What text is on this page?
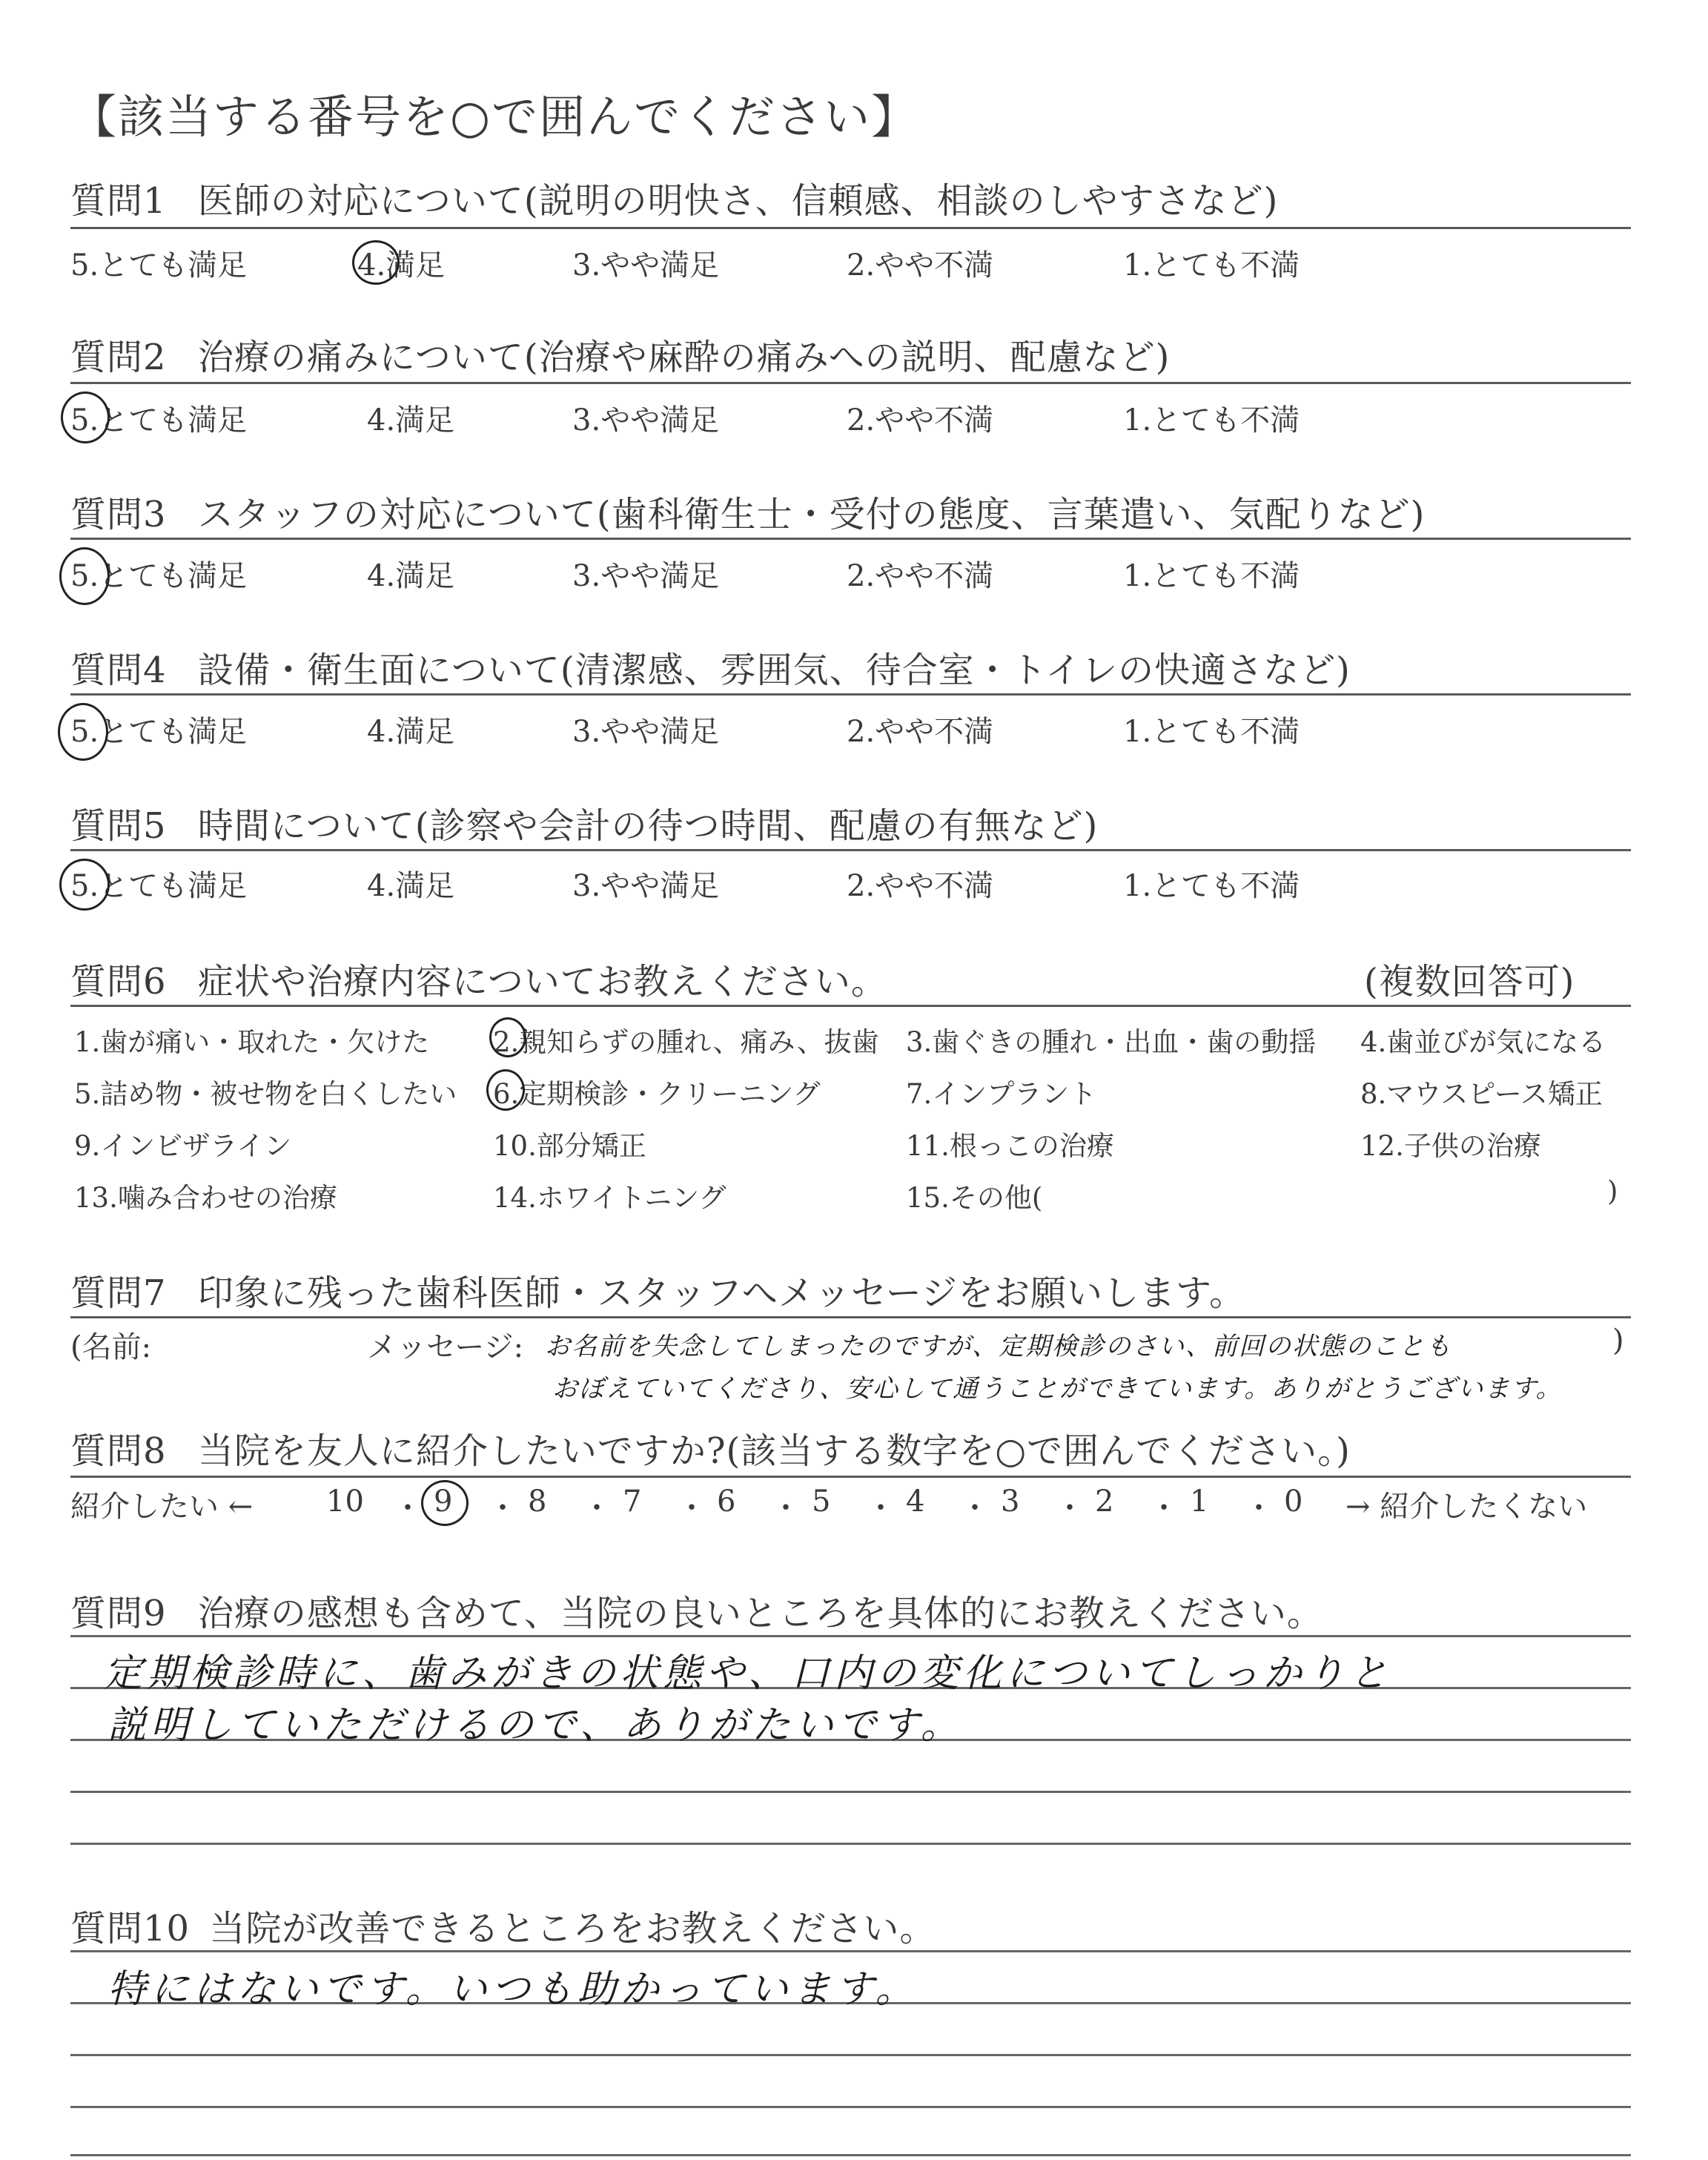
【該当する番号を○で囲んでください】
質問1 医師の対応について(説明の明快さ、信頼感、相談のしやすさなど)
5.とても満足	4.満足	3.やや満足	2.やや不満	1.とても不満
質問2 治療の痛みについて(治療や麻酔の痛みへの説明、配慮など)
5.とても満足	4.満足	3.やや満足	2.やや不満	1.とても不満
質問3 スタッフの対応について(歯科衛生士・受付の態度、言葉遣い、気配りなど)
5.とても満足	4.満足	3.やや満足	2.やや不満	1.とても不満
質問4 設備・衛生面について(清潔感、雰囲気、待合室・トイレの快適さなど)
5.とても満足	4.満足	3.やや満足	2.やや不満	1.とても不満
質問5 時間について(診察や会計の待つ時間、配慮の有無など)
5.とても満足	4.満足	3.やや満足	2.やや不満	1.とても不満
質問6 症状や治療内容についてお教えください。	(複数回答可)
1.歯が痛い・取れた・欠けた 2.親知らずの腫れ、痛み、抜歯 3.歯ぐきの腫れ・出血・歯の動揺 4.歯並びが気になる
5.詰め物・被せ物を白くしたい 6.定期検診・クリーニング	7.インプラント	8.マウスピース矯正
9.インビザライン	10.部分矯正	11.根っこの治療	12.子供の治療
13.噛み合わせの治療	14.ホワイトニング	15.その他(	)
質問7 印象に残った歯科医師・スタッフへメッセージをお願いします。
(名前:	メッセージ:	)
お名前を失念してしまったのですが、定期検診のさい、前回の状態のことも
おぼえていてくださり、安心して通うことができています。ありがとうございます。
質問8 当院を友人に紹介したいですか?(該当する数字を○で囲んでください。)
紹介したい ←	→ 紹介したくない
10 ・ 9 ・ 8 ・ 7 ・ 6 ・ 5 ・ 4 ・ 3 ・ 2 ・ 1 ・ 0
質問9 治療の感想も含めて、当院の良いところを具体的にお教えください。
定期検診時に、歯みがきの状態や、口内の変化についてしっかりと
説明していただけるので、ありがたいです。
質問10 当院が改善できるところをお教えください。
特にはないです。いつも助かっています。
